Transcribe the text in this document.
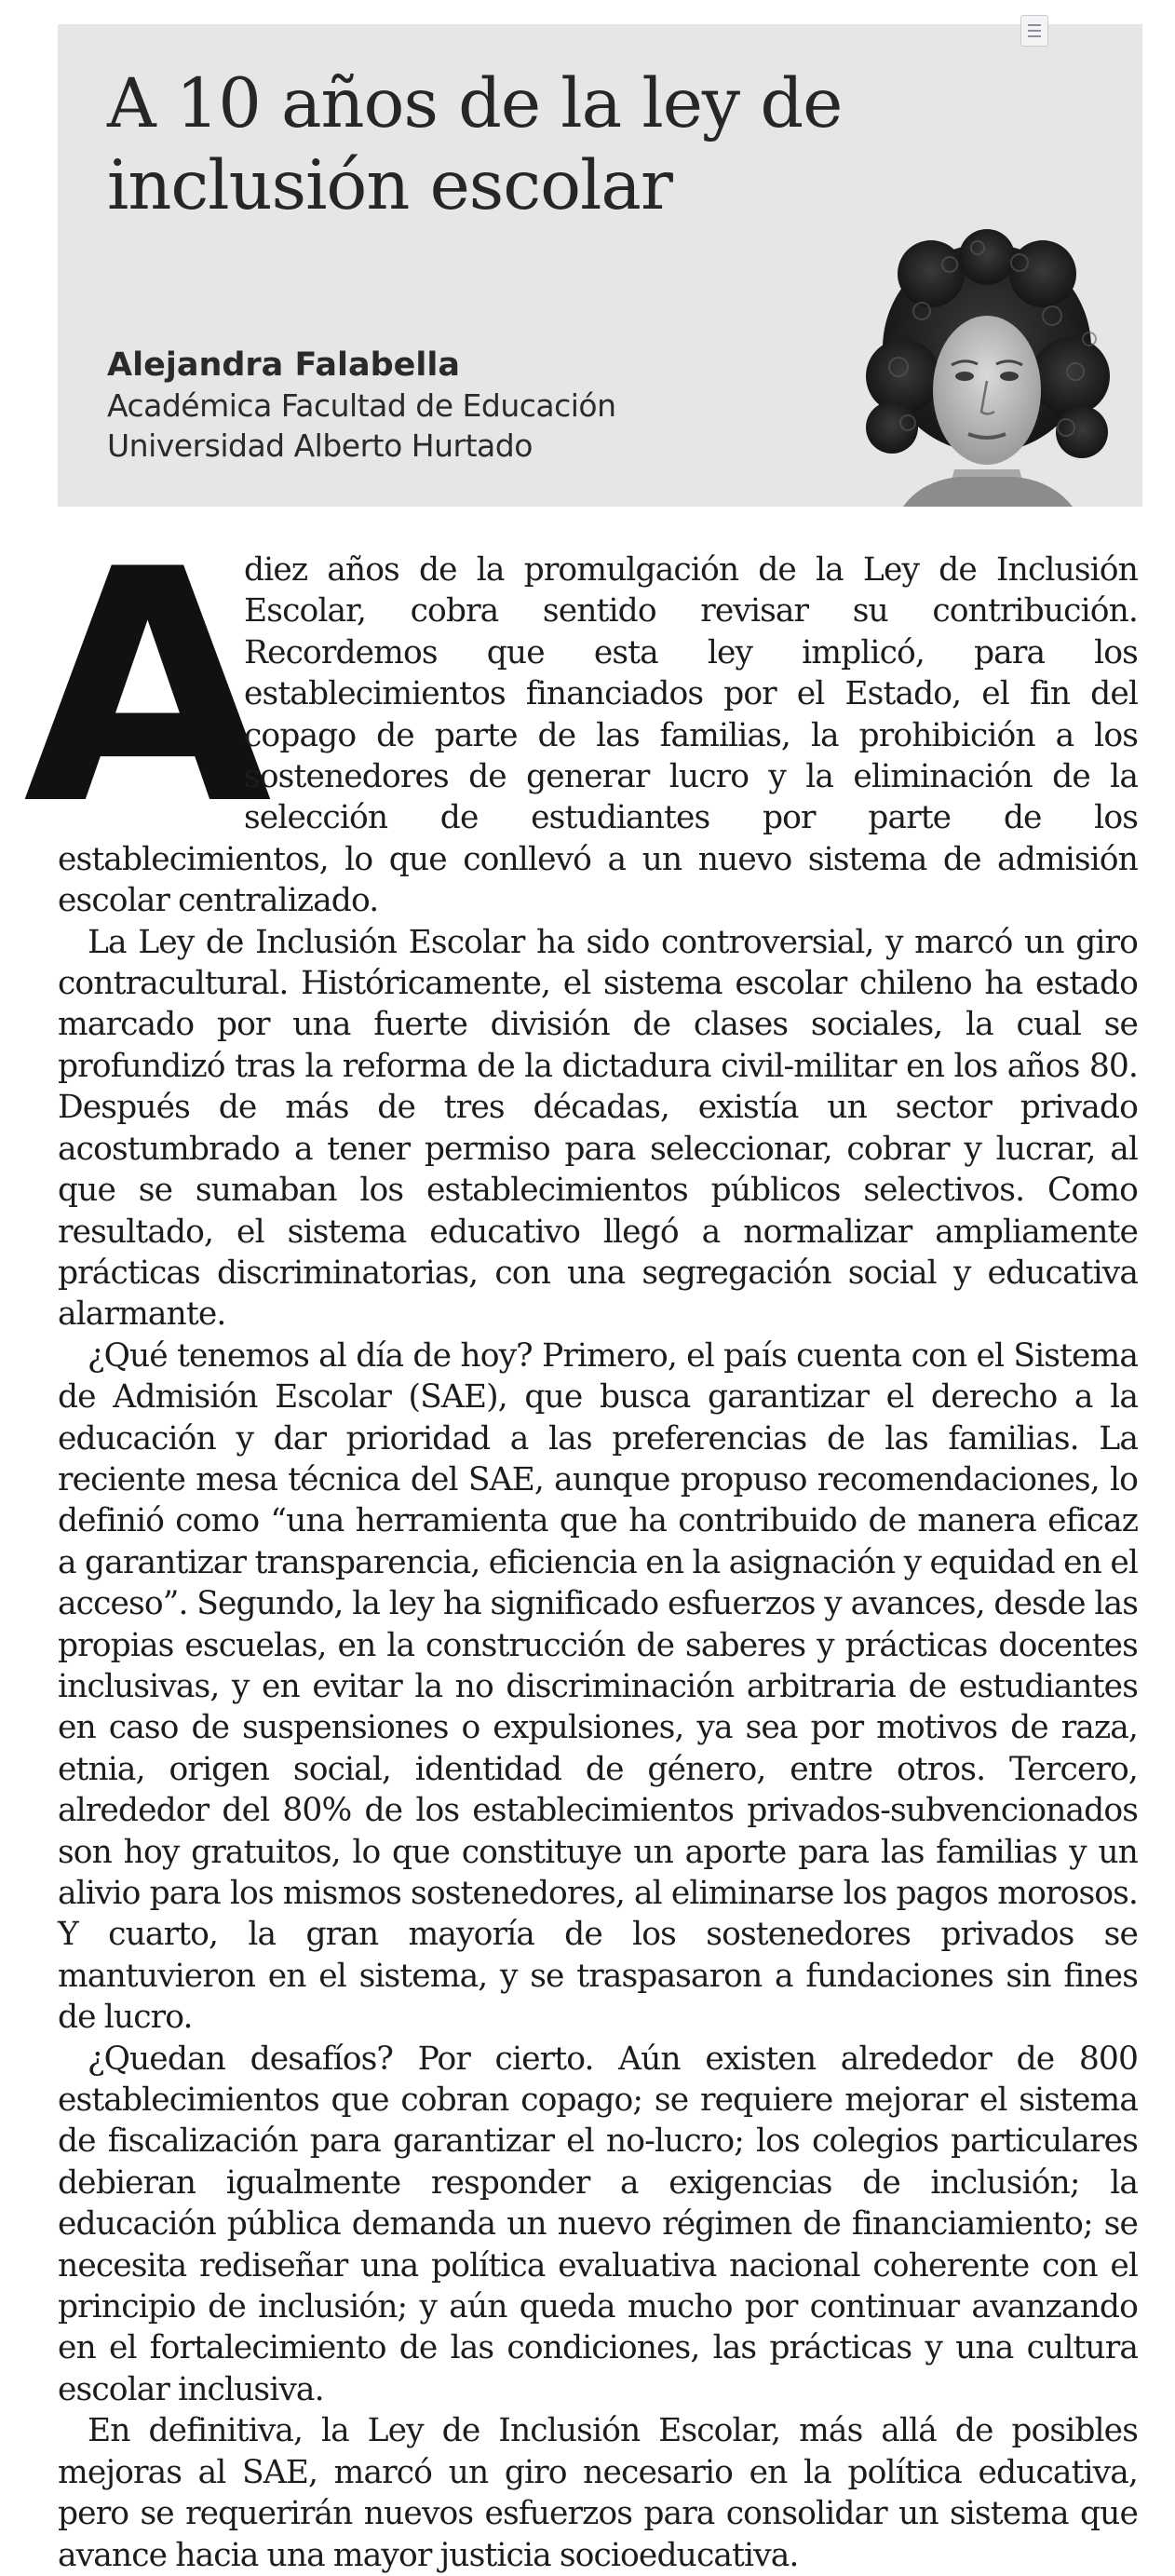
A 10 años de la ley de inclusión escolar
Alejandra Falabella
Académica Facultad de Educación
Universidad Alberto Hurtado

A
diez años de la promulgación de la Ley de Inclusión Escolar, cobra sentido revisar su contribución. Recordemos que esta ley implicó, para los establecimientos financiados por el Estado, el fin del copago de parte de las familias, la prohibición a los sostenedores de generar lucro y la eliminación de la selección de estudiantes por parte de los establecimientos, lo que conllevó a un nuevo sistema de admisión escolar centralizado.

La Ley de Inclusión Escolar ha sido controversial, y marcó un giro contracultural. Históricamente, el sistema escolar chileno ha estado marcado por una fuerte división de clases sociales, la cual se profundizó tras la reforma de la dictadura civil-militar en los años 80. Después de más de tres décadas, existía un sector privado acostumbrado a tener permiso para seleccionar, cobrar y lucrar, al que se sumaban los establecimientos públicos selectivos. Como resultado, el sistema educativo llegó a normalizar ampliamente prácticas discriminatorias, con una segregación social y educativa alarmante.

¿Qué tenemos al día de hoy? Primero, el país cuenta con el Sistema de Admisión Escolar (SAE), que busca garantizar el derecho a la educación y dar prioridad a las preferencias de las familias. La reciente mesa técnica del SAE, aunque propuso recomendaciones, lo definió como “una herramienta que ha contribuido de manera eficaz a garantizar transparencia, eficiencia en la asignación y equidad en el acceso”. Segundo, la ley ha significado esfuerzos y avances, desde las propias escuelas, en la construcción de saberes y prácticas docentes inclusivas, y en evitar la no discriminación arbitraria de estudiantes en caso de suspensiones o expulsiones, ya sea por motivos de raza, etnia, origen social, identidad de género, entre otros. Tercero, alrededor del 80% de los establecimientos privados-subvencionados son hoy gratuitos, lo que constituye un aporte para las familias y un alivio para los mismos sostenedores, al eliminarse los pagos morosos. Y cuarto, la gran mayoría de los sostenedores privados se mantuvieron en el sistema, y se traspasaron a fundaciones sin fines de lucro.

¿Quedan desafíos? Por cierto. Aún existen alrededor de 800 establecimientos que cobran copago; se requiere mejorar el sistema de fiscalización para garantizar el no-lucro; los colegios particulares debieran igualmente responder a exigencias de inclusión; la educación pública demanda un nuevo régimen de financiamiento; se necesita rediseñar una política evaluativa nacional coherente con el principio de inclusión; y aún queda mucho por continuar avanzando en el fortalecimiento de las condiciones, las prácticas y una cultura escolar inclusiva.

En definitiva, la Ley de Inclusión Escolar, más allá de posibles mejoras al SAE, marcó un giro necesario en la política educativa, pero se requerirán nuevos esfuerzos para consolidar un sistema que avance hacia una mayor justicia socioeducativa.
